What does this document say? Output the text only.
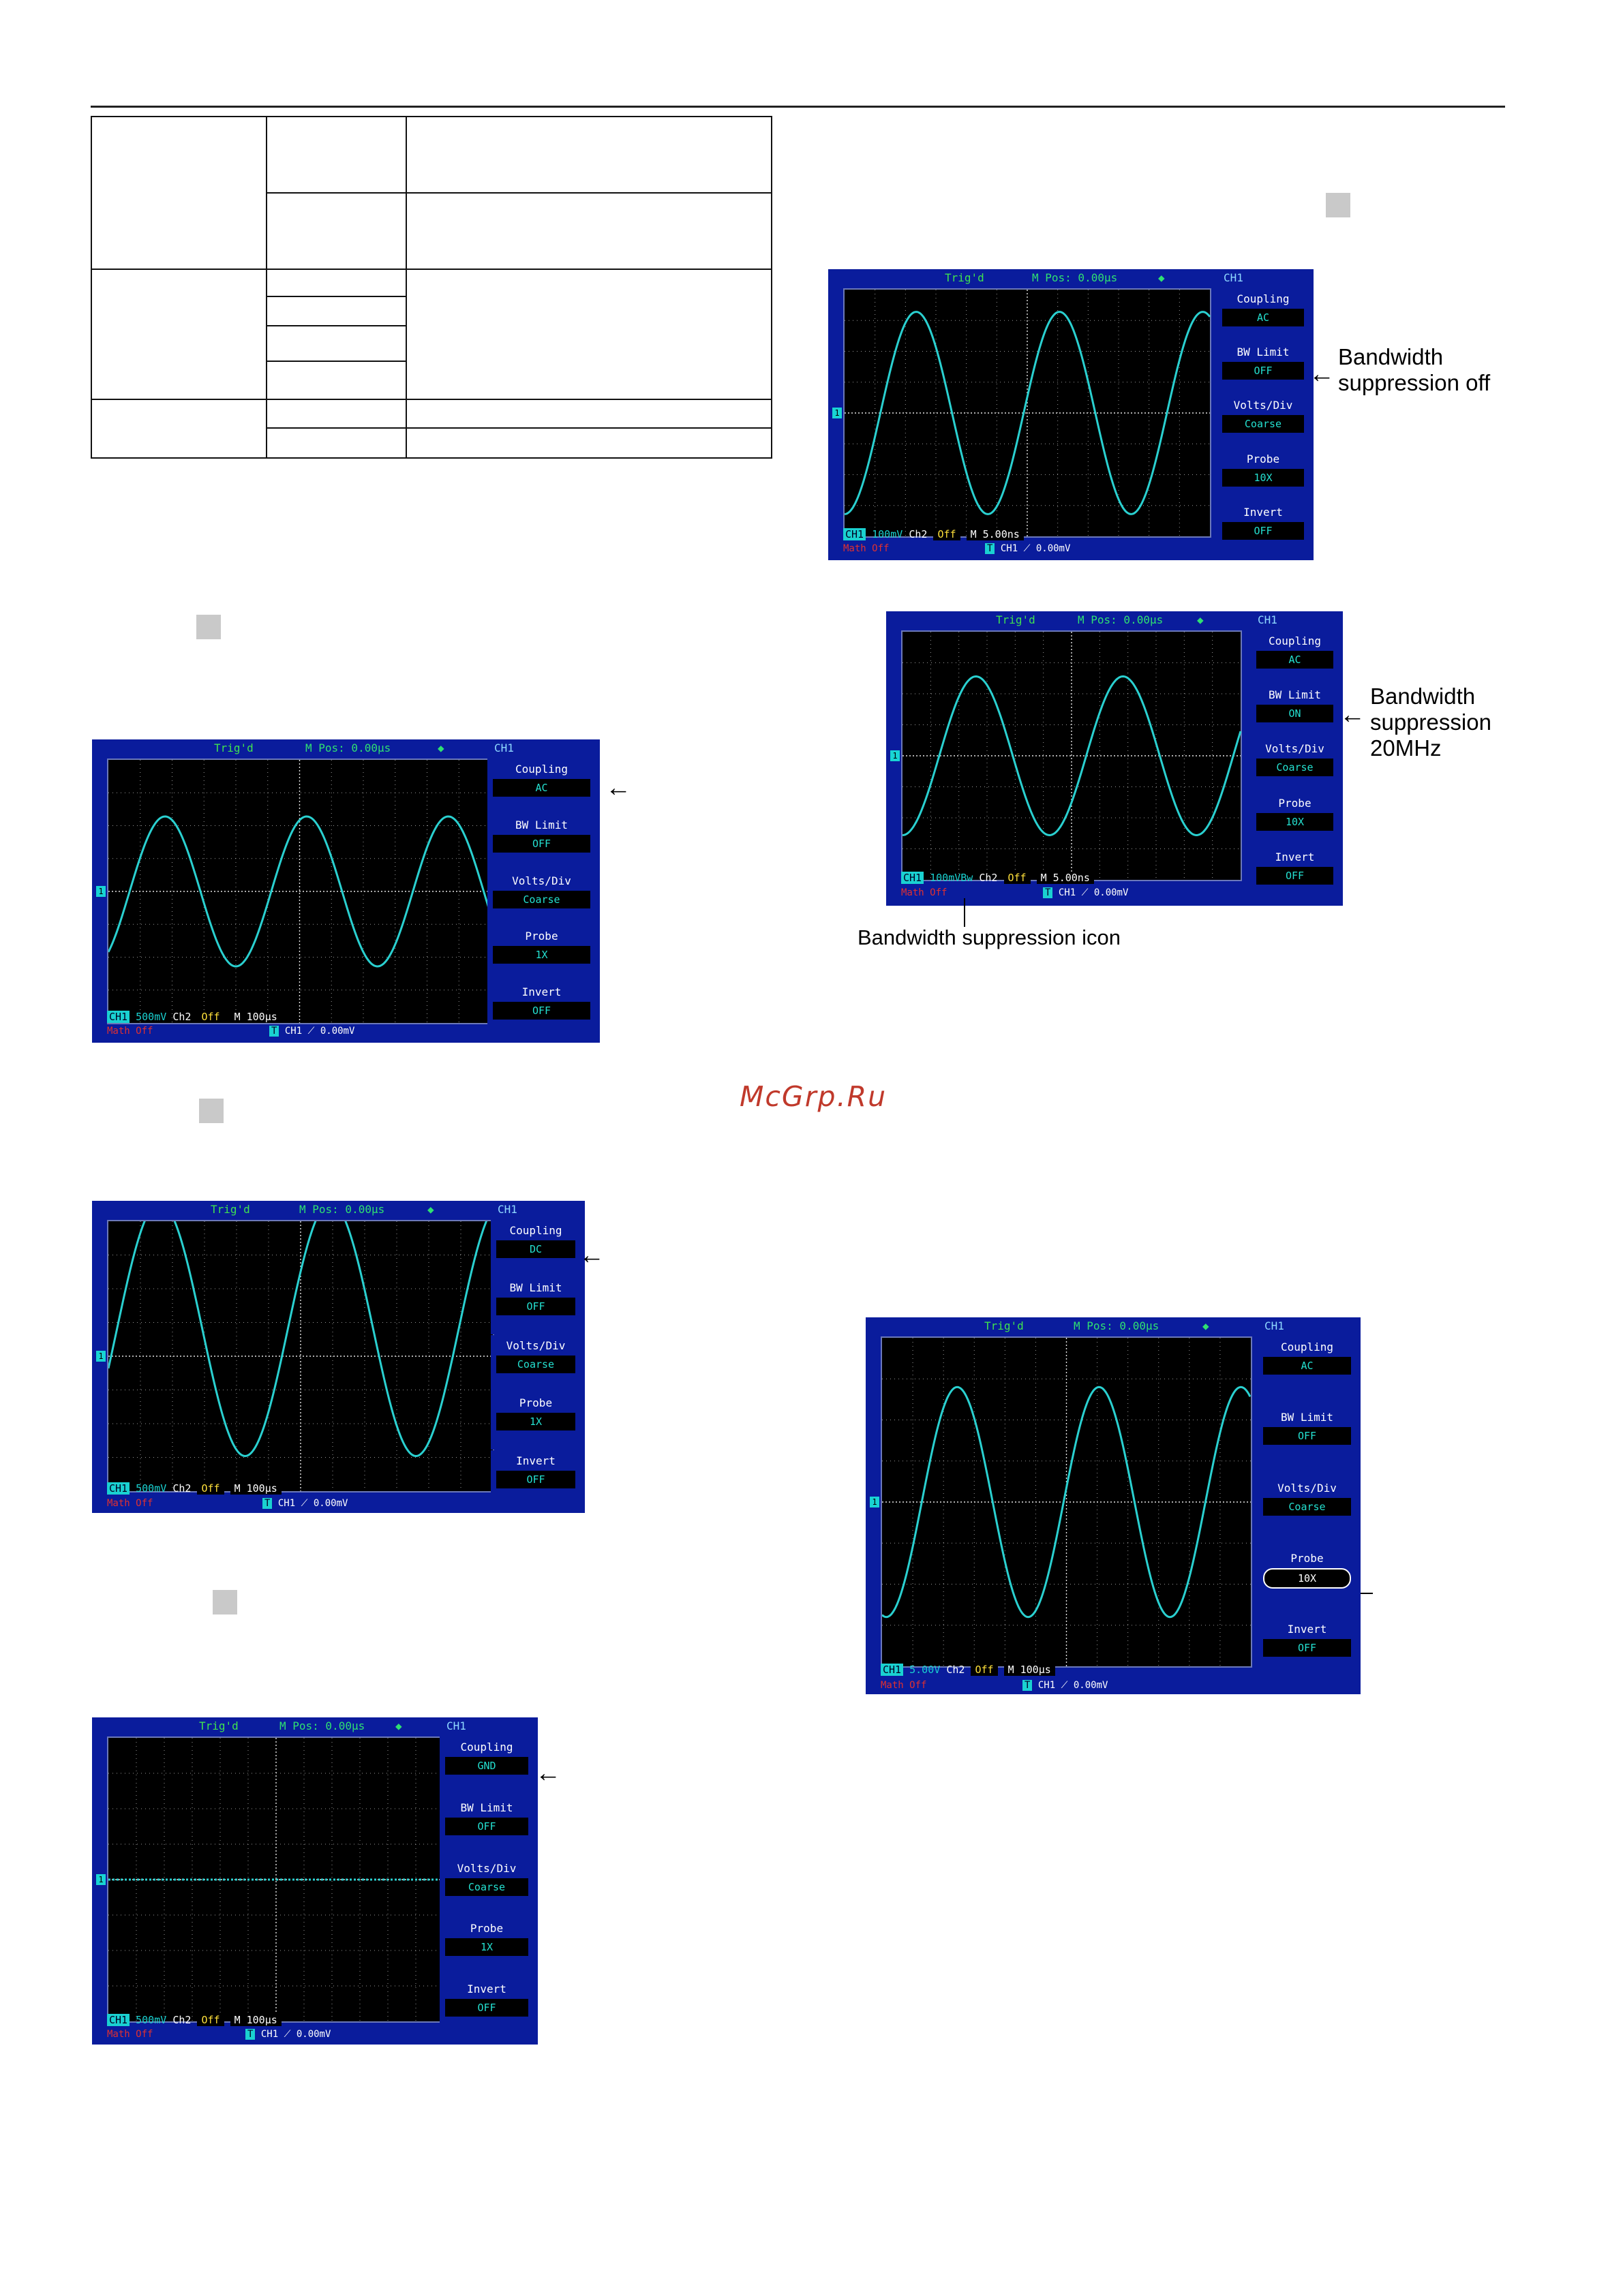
Trig'd	M Pos: 0.00µs	◆	CH1
1
Coupling
AC
BW Limit
OFF
Volts/Div
Coarse
Probe
1X
Invert
OFF
CH1 500mV Ch2 Off M 100µs
Math Off	T CH1 ⟋ 0.00mV
←
Trig'd	M Pos: 0.00µs	◆	CH1
1
Coupling
DC
BW Limit
OFF
Volts/Div
Coarse
Probe
1X
Invert
OFF
CH1 500mV Ch2 Off M 100µs
Math Off	T CH1 ⟋ 0.00mV
←
Trig'd	M Pos: 0.00µs	◆	CH1
1
Coupling
GND
BW Limit
OFF
Volts/Div
Coarse
Probe
1X
Invert
OFF
CH1 500mV Ch2 Off M 100µs
Math Off	T CH1 ⟋ 0.00mV
←
Trig'd	M Pos: 0.00µs	◆	CH1
1
Coupling
AC
BW Limit
OFF
Volts/Div
Coarse
Probe
10X
Invert
OFF
CH1 100mV Ch2 Off M 5.00ns
Math Off	T CH1 ⟋ 0.00mV
←
Bandwidth
suppression off
Trig'd	M Pos: 0.00µs	◆	CH1
1
Coupling
AC
BW Limit
ON
Volts/Div
Coarse
Probe
10X
Invert
OFF
CH1 100mVBw Ch2 Off M 5.00ns
Math Off	T CH1 ⟋ 0.00mV
←
Bandwidth
suppression
20MHz
Bandwidth suppression icon
Trig'd	M Pos: 0.00µs	◆	CH1
1
Coupling
AC
BW Limit
OFF
Volts/Div
Coarse
Probe
10X
Invert
OFF
CH1 5.00V Ch2 Off M 100µs
Math Off	T CH1 ⟋ 0.00mV
McGrp.Ru
